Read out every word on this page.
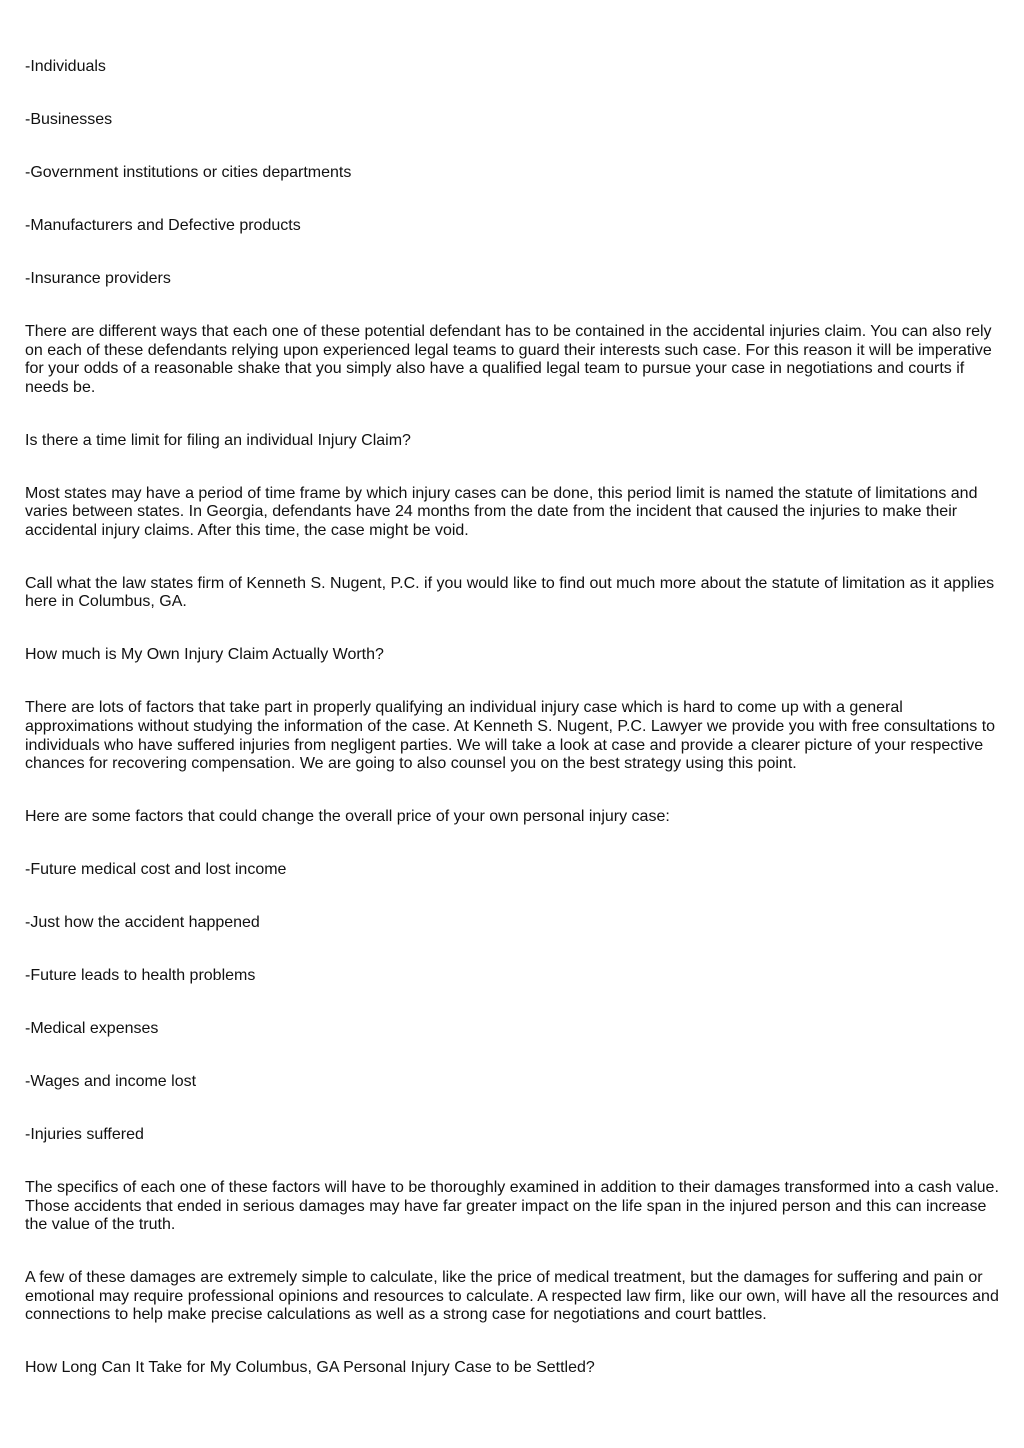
-Individuals

-Businesses

-Government institutions or cities departments

-Manufacturers and Defective products

-Insurance providers

There are different ways that each one of these potential defendant has to be contained in the accidental injuries claim. You can also rely on each of these defendants relying upon experienced legal teams to guard their interests such case. For this reason it will be imperative for your odds of a reasonable shake that you simply also have a qualified legal team to pursue your case in negotiations and courts if needs be.

Is there a time limit for filing an individual Injury Claim?

Most states may have a period of time frame by which injury cases can be done, this period limit is named the statute of limitations and varies between states. In Georgia, defendants have 24 months from the date from the incident that caused the injuries to make their accidental injury claims. After this time, the case might be void.

Call what the law states firm of Kenneth S. Nugent, P.C. if you would like to find out much more about the statute of limitation as it applies here in Columbus, GA.

How much is My Own Injury Claim Actually Worth?

There are lots of factors that take part in properly qualifying an individual injury case which is hard to come up with a general approximations without studying the information of the case. At Kenneth S. Nugent, P.C. Lawyer we provide you with free consultations to individuals who have suffered injuries from negligent parties. We will take a look at case and provide a clearer picture of your respective chances for recovering compensation. We are going to also counsel you on the best strategy using this point.

Here are some factors that could change the overall price of your own personal injury case:

-Future medical cost and lost income

-Just how the accident happened

-Future leads to health problems

-Medical expenses

-Wages and income lost

-Injuries suffered

The specifics of each one of these factors will have to be thoroughly examined in addition to their damages transformed into a cash value. Those accidents that ended in serious damages may have far greater impact on the life span in the injured person and this can increase the value of the truth.

A few of these damages are extremely simple to calculate, like the price of medical treatment, but the damages for suffering and pain or emotional may require professional opinions and resources to calculate. A respected law firm, like our own, will have all the resources and connections to help make precise calculations as well as a strong case for negotiations and court battles.

How Long Can It Take for My Columbus, GA Personal Injury Case to be Settled?
